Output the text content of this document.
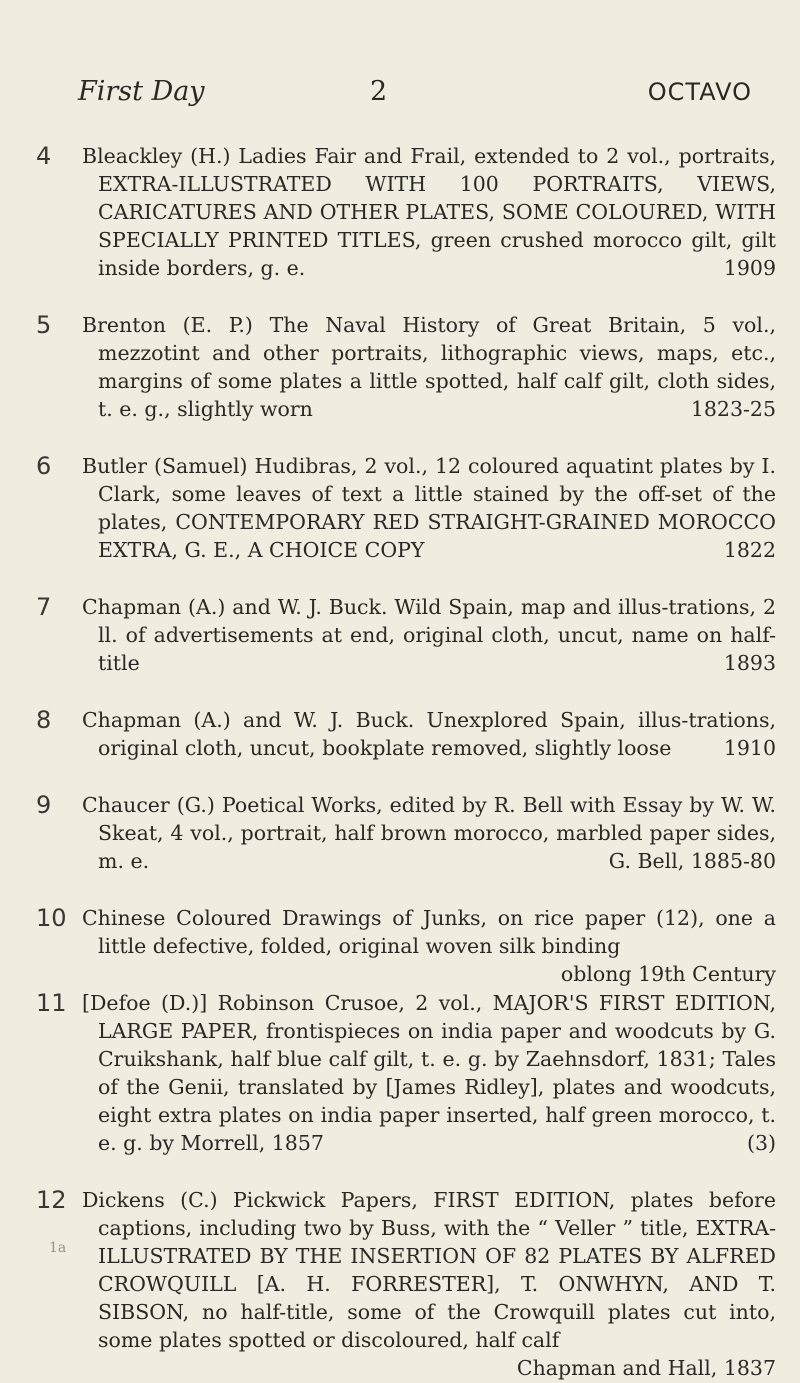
First Day	2	OCTAVO
4 Bleackley (H.) Ladies Fair and Frail, extended to 2 vol., portraits, EXTRA-ILLUSTRATED WITH 100 PORTRAITS, VIEWS, CARICATURES AND OTHER PLATES, SOME COLOURED, WITH SPECIALLY PRINTED TITLES, green crushed morocco gilt, gilt inside borders, g. e.	1909
5 Brenton (E. P.) The Naval History of Great Britain, 5 vol., mezzotint and other portraits, lithographic views, maps, etc., margins of some plates a little spotted, half calf gilt, cloth sides, t. e. g., slightly worn	1823-25
6 Butler (Samuel) Hudibras, 2 vol., 12 coloured aquatint plates by I. Clark, some leaves of text a little stained by the off-set of the plates, CONTEMPORARY RED STRAIGHT-GRAINED MOROCCO EXTRA, G. E., A CHOICE COPY	1822
7 Chapman (A.) and W. J. Buck. Wild Spain, map and illus-trations, 2 ll. of advertisements at end, original cloth, uncut, name on half-title	1893
8 Chapman (A.) and W. J. Buck. Unexplored Spain, illus-trations, original cloth, uncut, bookplate removed, slightly loose	1910
9 Chaucer (G.) Poetical Works, edited by R. Bell with Essay by W. W. Skeat, 4 vol., portrait, half brown morocco, marbled paper sides, m. e.	G. Bell, 1885-80
10 Chinese Coloured Drawings of Junks, on rice paper (12), one a little defective, folded, original woven silk binding
oblong 19th Century
11 [Defoe (D.)] Robinson Crusoe, 2 vol., MAJOR'S FIRST EDITION, LARGE PAPER, frontispieces on india paper and woodcuts by G. Cruikshank, half blue calf gilt, t. e. g. by Zaehnsdorf, 1831; Tales of the Genii, translated by [James Ridley], plates and woodcuts, eight extra plates on india paper inserted, half green morocco, t. e. g. by Morrell, 1857	(3)
12 Dickens (C.) Pickwick Papers, FIRST EDITION, plates before captions, including two by Buss, with the “ Veller ” title, EXTRA-ILLUSTRATED BY THE INSERTION OF 82 PLATES BY ALFRED CROWQUILL [A. H. FORRESTER], T. ONWHYN, AND T. SIBSON, no half-title, some of the Crowquill plates cut into, some plates spotted or discoloured, half calf
Chapman and Hall, 1837
1a
